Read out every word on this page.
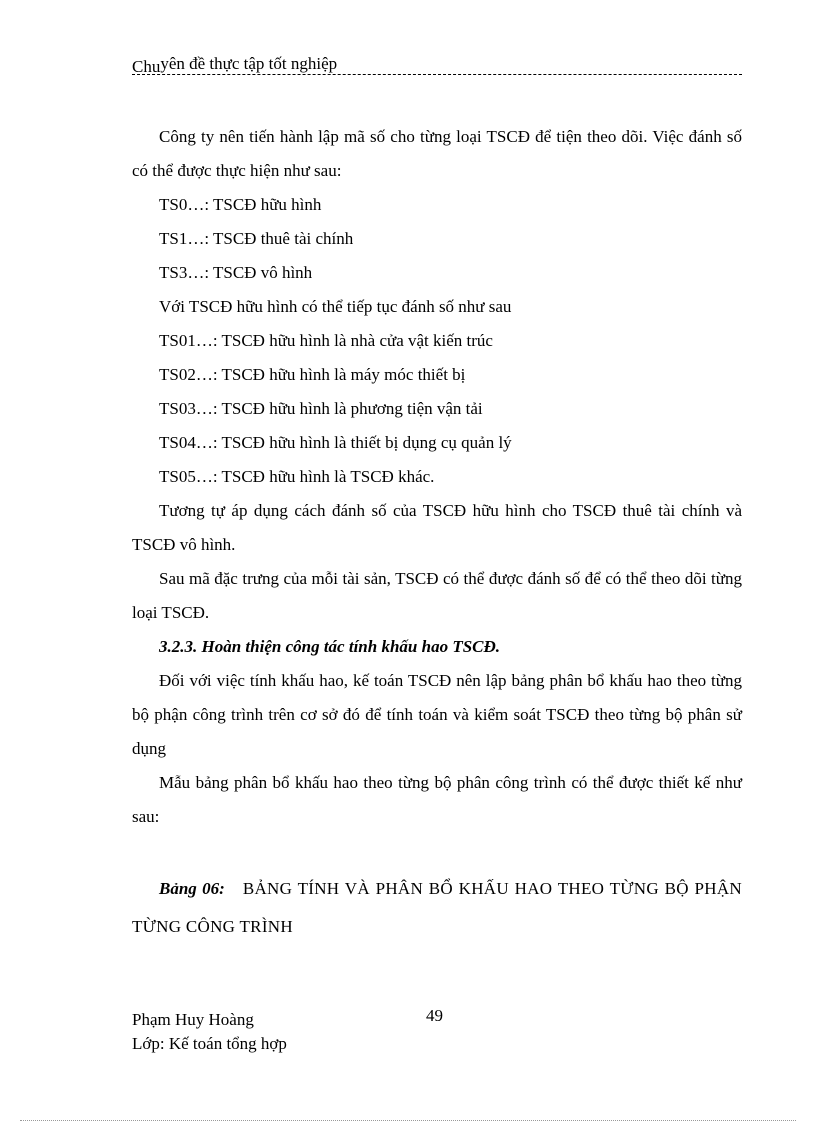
Chuyên đề thực tập tốt nghiệp

Công ty nên tiến hành lập mã số cho từng loại TSCĐ để tiện theo dõi. Việc đánh số có thể được thực hiện như sau:

TS0…: TSCĐ hữu hình

TS1…: TSCĐ thuê tài chính

TS3…: TSCĐ vô hình

Với TSCĐ hữu hình có thể tiếp tục đánh số như sau

TS01…: TSCĐ hữu hình là nhà cửa vật kiến trúc

TS02…: TSCĐ hữu hình là máy móc thiết bị

TS03…: TSCĐ hữu hình là phương tiện vận tải

TS04…: TSCĐ hữu hình là thiết bị dụng cụ quản lý

TS05…: TSCĐ hữu hình là TSCĐ khác.

Tương tự áp dụng cách đánh số của TSCĐ hữu hình cho TSCĐ thuê tài chính và TSCĐ vô hình.

Sau mã đặc trưng của mỗi tài sản, TSCĐ có thể được đánh số để có thể theo dõi từng loại TSCĐ.

3.2.3. Hoàn thiện công tác tính khấu hao TSCĐ.

Đối với việc tính khấu hao, kế toán TSCĐ nên lập bảng phân bổ khấu hao theo từng bộ phận công trình trên cơ sở đó để tính toán và kiểm soát TSCĐ theo từng bộ phân sử dụng

Mẫu bảng phân bổ khấu hao theo từng bộ phân công trình có thể được thiết kế như sau:

Bảng 06: BẢNG TÍNH VÀ PHÂN BỔ KHẤU HAO THEO TỪNG BỘ PHẬN TỪNG CÔNG TRÌNH
Phạm Huy Hoàng
Lớp: Kế toán tổng hợp
49
